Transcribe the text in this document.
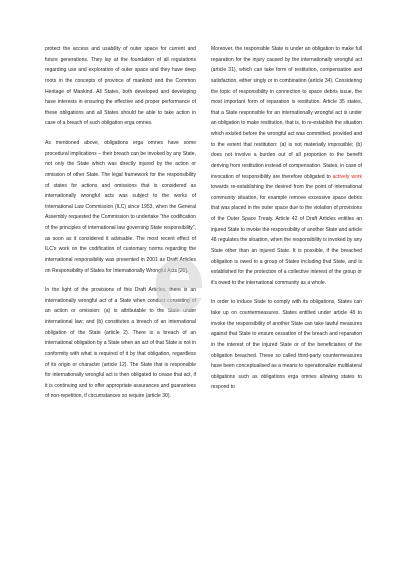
protect the access and usability of outer space for current and future generations. They lay at the foundation of all regulations regarding use and exploration of outer space and they have deep roots in the concepts of province of mankind and the Common Heritage of Mankind. All States, both developed and developing have interests in ensuring the effective and proper performance of these obligations and all States should be able to take action in case of a breach of such obligation erga omnes.

As mentioned above, obligations erga omnes have some procedural implications – their breach can be invoked by any State, not only the State which was directly injured by the action or omission of other State. The legal framework for the responsibility of states for actions and omissions that is considered as internationally wrongful acts was subject to the works of International Law Commission (ILC) since 1953, when the General Assembly requested the Commission to undertake "the codification of the principles of international law governing State responsibility", as soon as it considered it advisable. The most recent effect of ILC's work on the codification of customary norms regarding the international responsibility was presented in 2001 as Draft Articles on Responsibility of States for Internationally Wrongful Acts [20].

In the light of the provisions of this Draft Articles, there is an internationally wrongful act of a State when conduct consisting of an action or omission: (a) is attributable to the State under international law; and (b) constitutes a breach of an international obligation of the State (article 2). There is a breach of an international obligation by a State when an act of that State is not in conformity with what is required of it by that obligation, regardless of its origin or character (article 12). The State that is responsible for internationally wrongful act is then obligated to cease that act, if it is continuing and to offer appropriate assurances and guarantees of non-repetition, if circumstances so require (article 30).

Moreover, the responsible State is under an obligation to make full reparation for the injury caused by the internationally wrongful act (article 31), which can take form of restitution, compensation and satisfaction, either singly or in combination (article 34). Considering the topic of responsibility in connection to space debris issue, the most important form of reparation is restitution. Article 35 states, that a State responsible for an internationally wrongful act is under an obligation to make restitution, that is, to re-establish the situation which existed before the wrongful act was committed, provided and to the extent that restitution: (a) is not materially impossible; (b) does not involve a burden out of all proportion to the benefit deriving from restitution instead of compensation. States, in case of invocation of responsibility are therefore obligated to actively work towards re-establishing the desired from the point of international community situation, for example remove excessive space debris that was placed in the outer space due to the violation of provisions of the Outer Space Treaty. Article 42 of Draft Articles entitles an injured State to invoke the responsibility of another State and article 48 regulates the situation, when the responsibility is invoked by any State other than an injured State. It is possible, if the breached obligation is owed to a group of States including that State, and is established for the protection of a collective interest of the group or it's owed to the international community as a whole.

In order to induce State to comply with its obligations, States can take up on countermeasures. States entitled under article 48 to invoke the responsibility of another State can take lawful measures against that State to ensure cessation of the breach and reparation in the interest of the injured State or of the beneficiaries of the obligation breached. These so called third-party countermeasures have been conceptualised as a means to operationalize multilateral obligations such as obligations erga omnes allowing states to respond to

e
